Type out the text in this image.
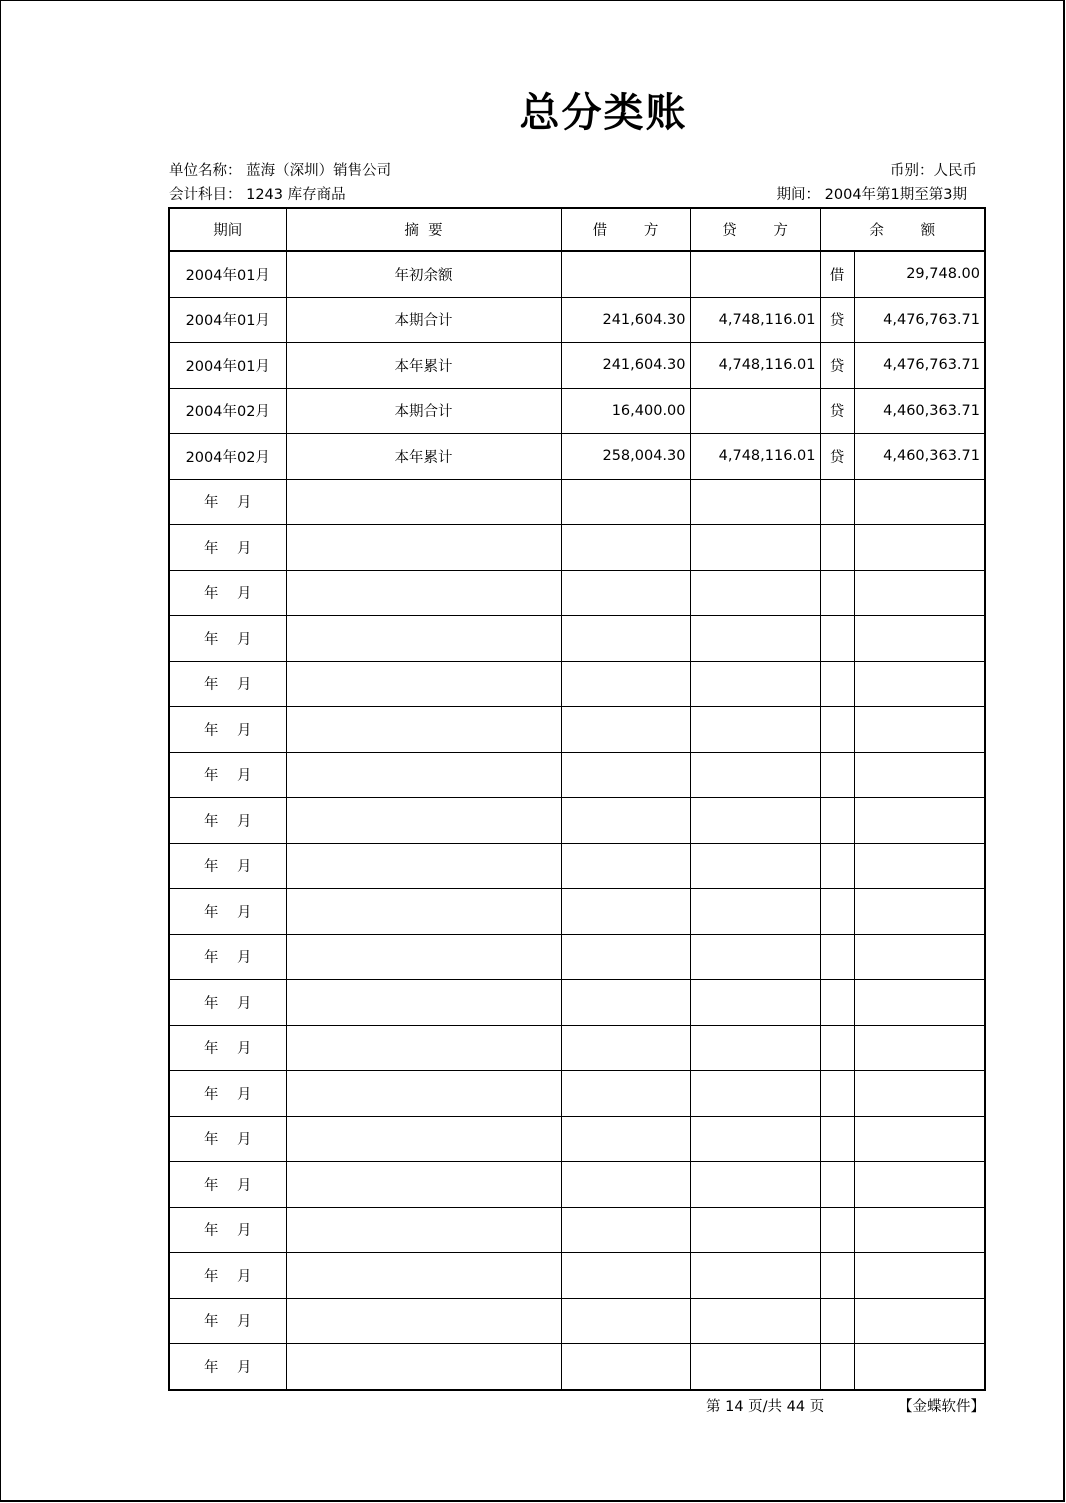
总分类账
单位名称： 蓝海（深圳）销售公司
会计科目： 1243 库存商品
币别：人民币
期间： 2004年第1期至第3期
期间	摘  要	借        方	贷        方	余        额	
2004年01月	年初余额			借	29,748.00
2004年01月	本期合计	241,604.30	4,748,116.01	贷	4,476,763.71
2004年01月	本年累计	241,604.30	4,748,116.01	贷	4,476,763.71
2004年02月	本期合计	16,400.00		贷	4,460,363.71
2004年02月	本年累计	258,004.30	4,748,116.01	贷	4,460,363.71
年    月					
年    月					
年    月					
年    月					
年    月					
年    月					
年    月					
年    月					
年    月					
年    月					
年    月					
年    月					
年    月					
年    月					
年    月					
年    月					
年    月					
年    月					
年    月					
年    月					
第 14 页/共 44 页	【金蝶软件】
